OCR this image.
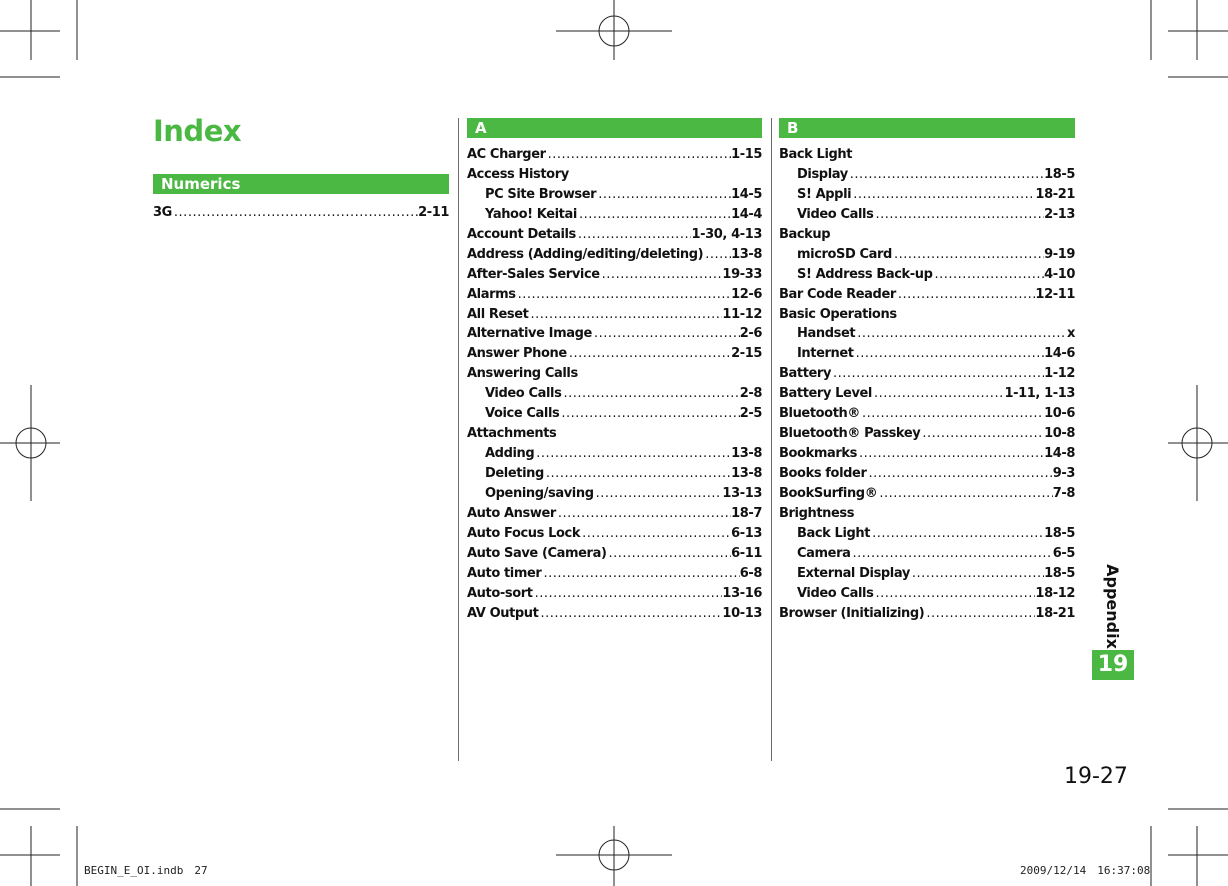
Index
Numerics
A	B
3G .....	2-11
AC Charger .....	1-15
Access History
PC Site Browser .....	14-5
Yahoo! Keitai .....	14-4
Account Details .....	1-30, 4-13
Address (Adding/editing/deleting) ..... 13-8
After-Sales Service .....	19-33
Alarms .....	12-6
All Reset .....	11-12
Alternative Image .....	2-6
Answer Phone .....	2-15
Answering Calls
Video Calls .....	2-8
Voice Calls .....	2-5
Attachments
Adding .....	13-8
Deleting .....	13-8
Opening/saving .....	13-13
Auto Answer .....	18-7
Auto Focus Lock .....	6-13
Auto Save (Camera) .....	6-11
Auto timer .....	6-8
Auto-sort .....	13-16
AV Output .....	10-13
Back Light
Display .....	18-5
S! Appli .....	18-21
Video Calls .....	2-13
Backup
microSD Card .....	9-19
S! Address Back-up .....	4-10
Bar Code Reader .....	12-11
Basic Operations
Handset .....	x
Internet .....	14-6
Battery .....	1-12
Battery Level .....	1-11, 1-13
Bluetooth® .....	10-6
Bluetooth® Passkey .....	10-8
Bookmarks .....	14-8
Books folder .....	9-3
BookSurfing® .....	7-8
Brightness
Back Light .....	18-5
Camera .....	6-5
External Display .....	18-5
Video Calls .....	18-12
Browser (Initializing) .....	18-21 Appendix
19
19-27
BEGIN_E_OI.indb　27	2009/12/14　16:37:08
